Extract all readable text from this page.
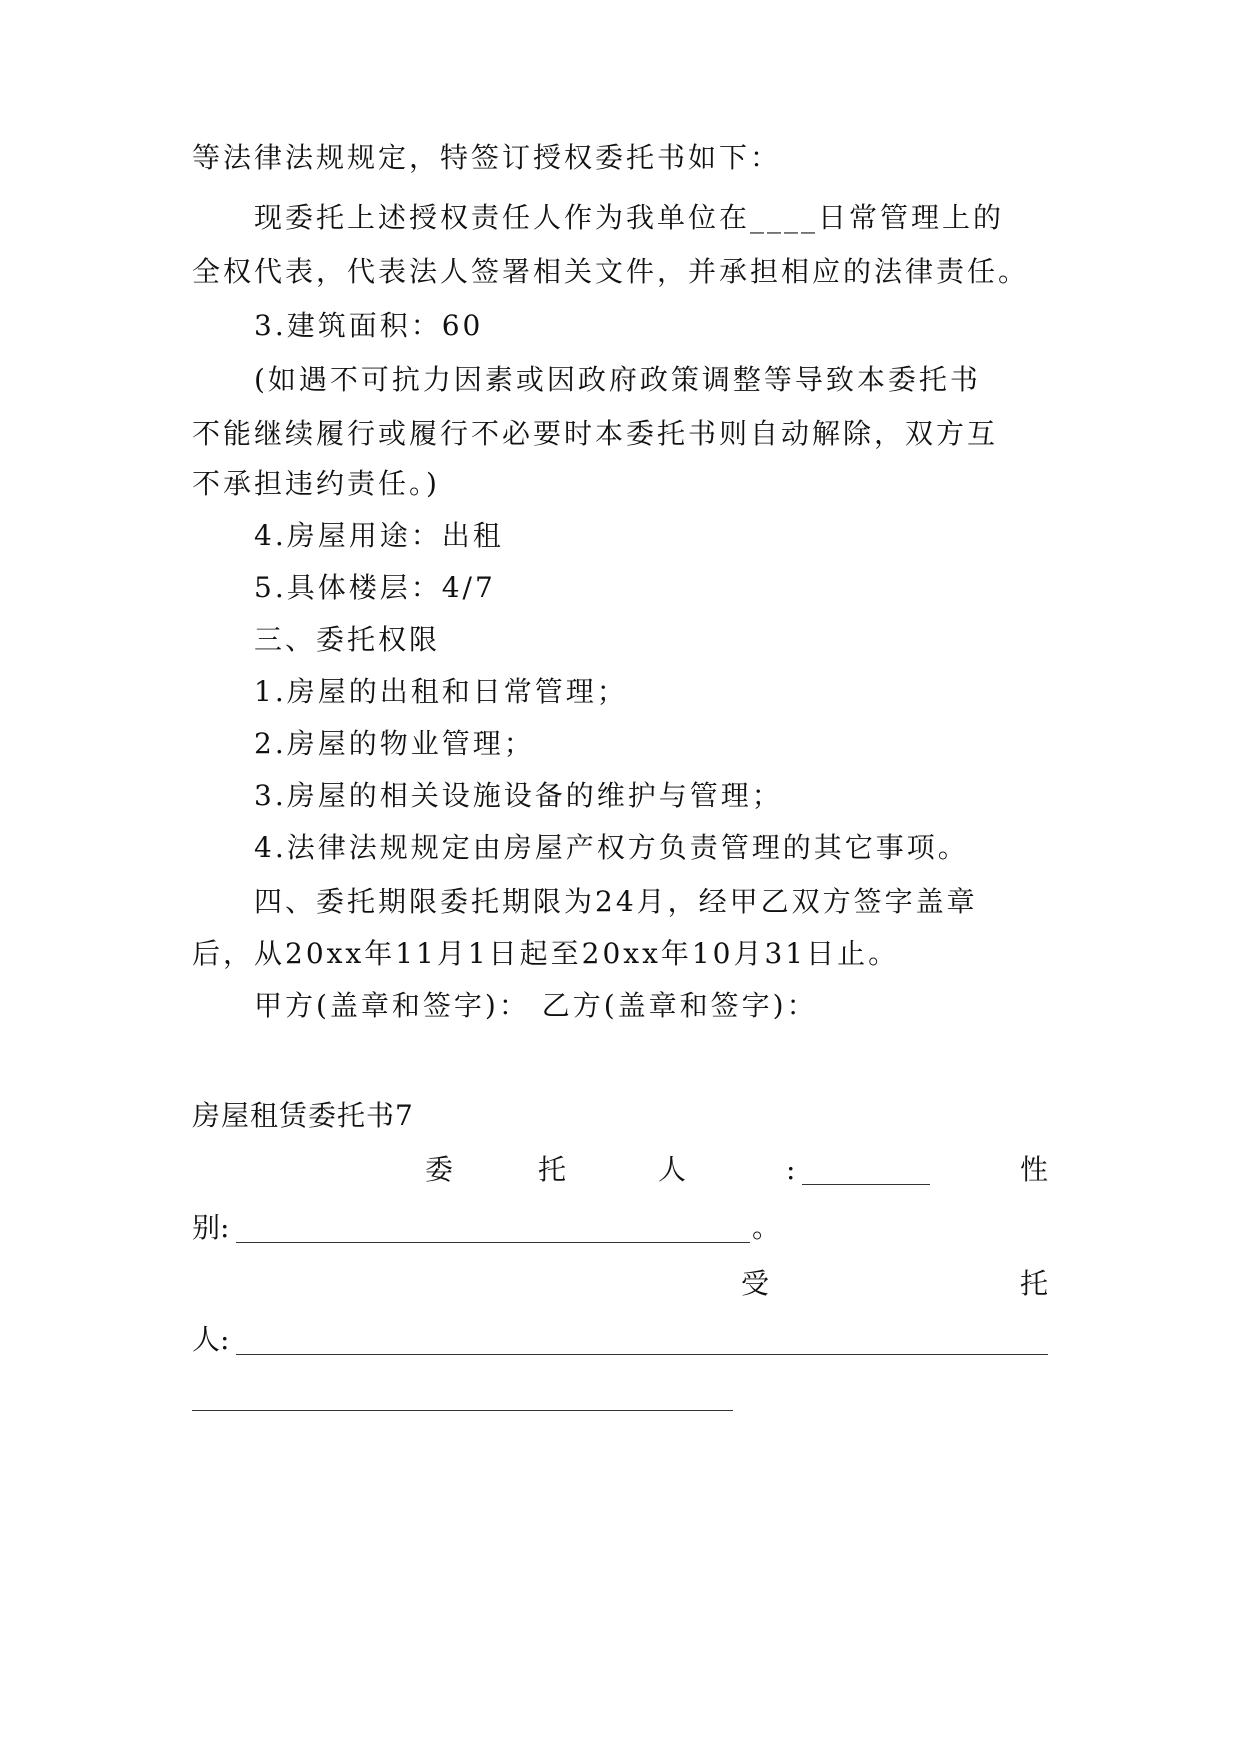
等法律法规规定，特签订授权委托书如下：
现委托上述授权责任人作为我单位在____日常管理上的
全权代表，代表法人签署相关文件，并承担相应的法律责任。
3.建筑面积：60
(如遇不可抗力因素或因政府政策调整等导致本委托书
不能继续履行或履行不必要时本委托书则自动解除，双方互
不承担违约责任。)
4.房屋用途：出租
5.具体楼层：4/7
三、委托权限
1.房屋的出租和日常管理；
2.房屋的物业管理；
3.房屋的相关设施设备的维护与管理；
4.法律法规规定由房屋产权方负责管理的其它事项。
四、委托期限委托期限为24月，经甲乙双方签字盖章
后，从20xx年11月1日起至20xx年10月31日止。
甲方(盖章和签字)： 乙方(盖章和签字)：
房屋租赁委托书7
委	托	人	:	性
别:	。
受	托
人:
